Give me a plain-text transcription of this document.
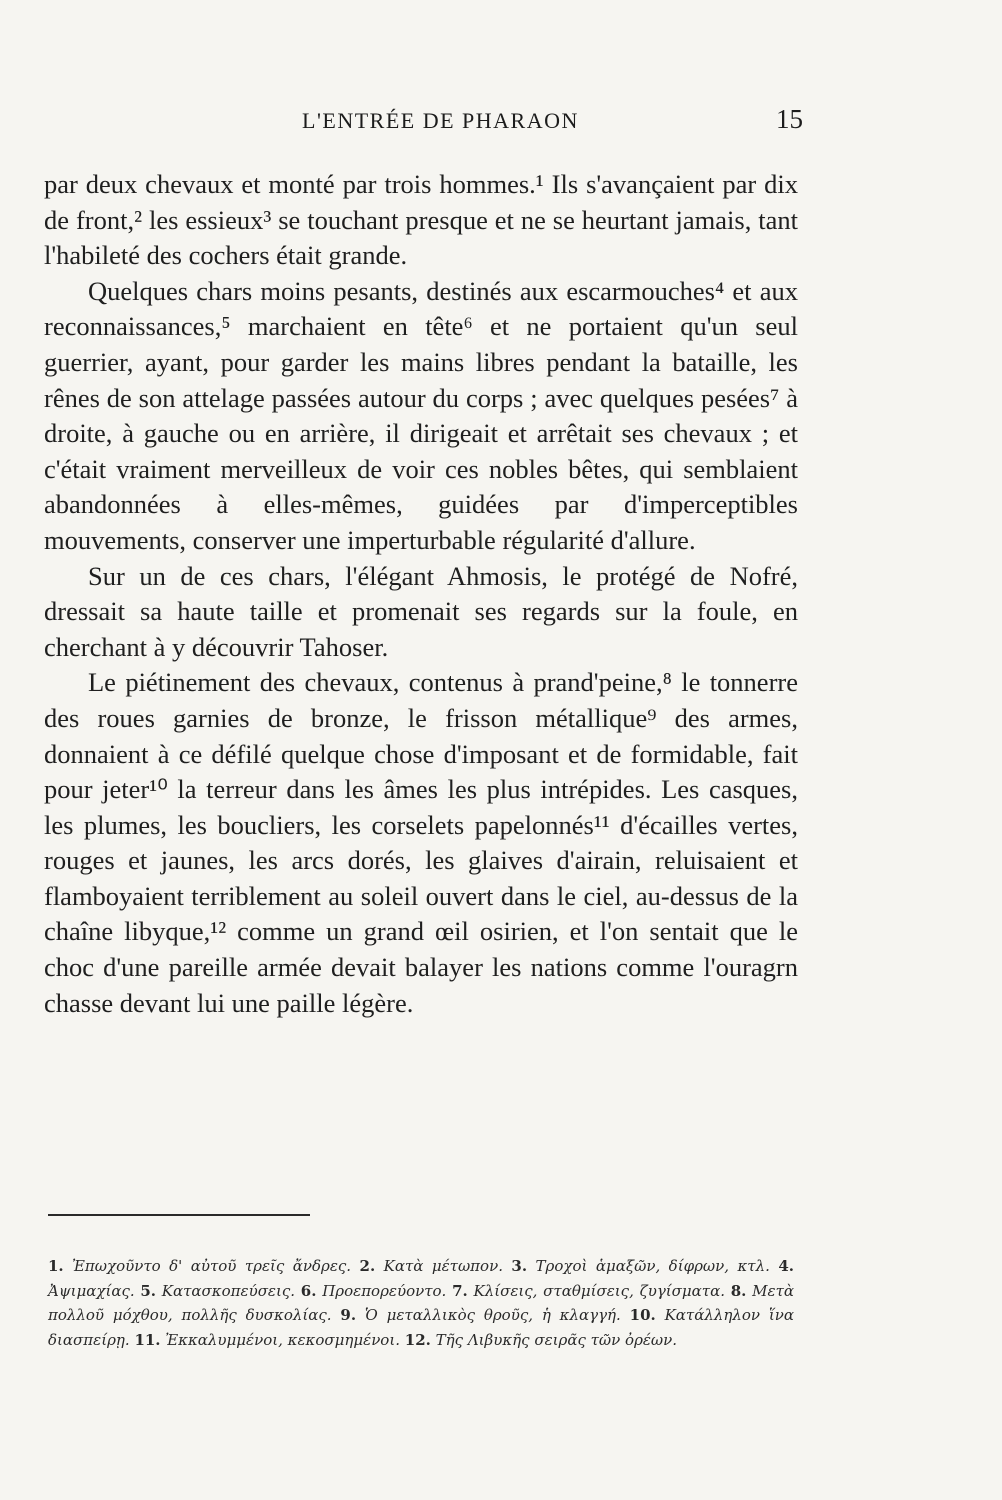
L'ENTRÉE DE PHARAON	15

par deux chevaux et monté par trois hommes.¹ Ils s'avançaient par dix de front,² les essieux³ se touchant presque et ne se heurtant jamais, tant l'habileté des cochers était grande.

Quelques chars moins pesants, destinés aux escarmouches⁴ et aux reconnaissances,⁵ marchaient en tête⁶ et ne portaient qu'un seul guerrier, ayant, pour garder les mains libres pendant la bataille, les rênes de son attelage passées autour du corps ; avec quelques pesées⁷ à droite, à gauche ou en arrière, il dirigeait et arrêtait ses chevaux ; et c'était vraiment merveilleux de voir ces nobles bêtes, qui semblaient abandonnées à elles-mêmes, guidées par d'imperceptibles mouvements, conserver une imperturbable régularité d'allure.

Sur un de ces chars, l'élégant Ahmosis, le protégé de Nofré, dressait sa haute taille et promenait ses regards sur la foule, en cherchant à y découvrir Tahoser.

Le piétinement des chevaux, contenus à prand'peine,⁸ le tonnerre des roues garnies de bronze, le frisson métallique⁹ des armes, donnaient à ce défilé quelque chose d'imposant et de formidable, fait pour jeter¹⁰ la terreur dans les âmes les plus intrépides. Les casques, les plumes, les boucliers, les corselets papelonnés¹¹ d'écailles vertes, rouges et jaunes, les arcs dorés, les glaives d'airain, reluisaient et flamboyaient terriblement au soleil ouvert dans le ciel, au-dessus de la chaîne libyque,¹² comme un grand œil osirien, et l'on sentait que le choc d'une pareille armée devait balayer les nations comme l'ouragrn chasse devant lui une paille légère.

1. Ἐπωχοῦντο δ' αὐτοῦ τρεῖς ἄνδρες. 2. Κατὰ μέτωπον. 3. Τροχοὶ ἁμαξῶν, δίφρων, κτλ. 4. Ἀψιμαχίας. 5. Κατασκοπεύσεις. 6. Προεπορεύοντο. 7. Κλίσεις, σταθμίσεις, ζυγίσματα. 8. Μετὰ πολλοῦ μόχθου, πολλῆς δυσκολίας. 9. Ὁ μεταλλικὸς θροῦς, ἡ κλαγγή. 10. Κατάλληλον ἵνα διασπείρῃ. 11. Ἐκκαλυμμένοι, κεκοσμημένοι. 12. Τῆς Λιβυκῆς σειρᾶς τῶν ὀρέων.
